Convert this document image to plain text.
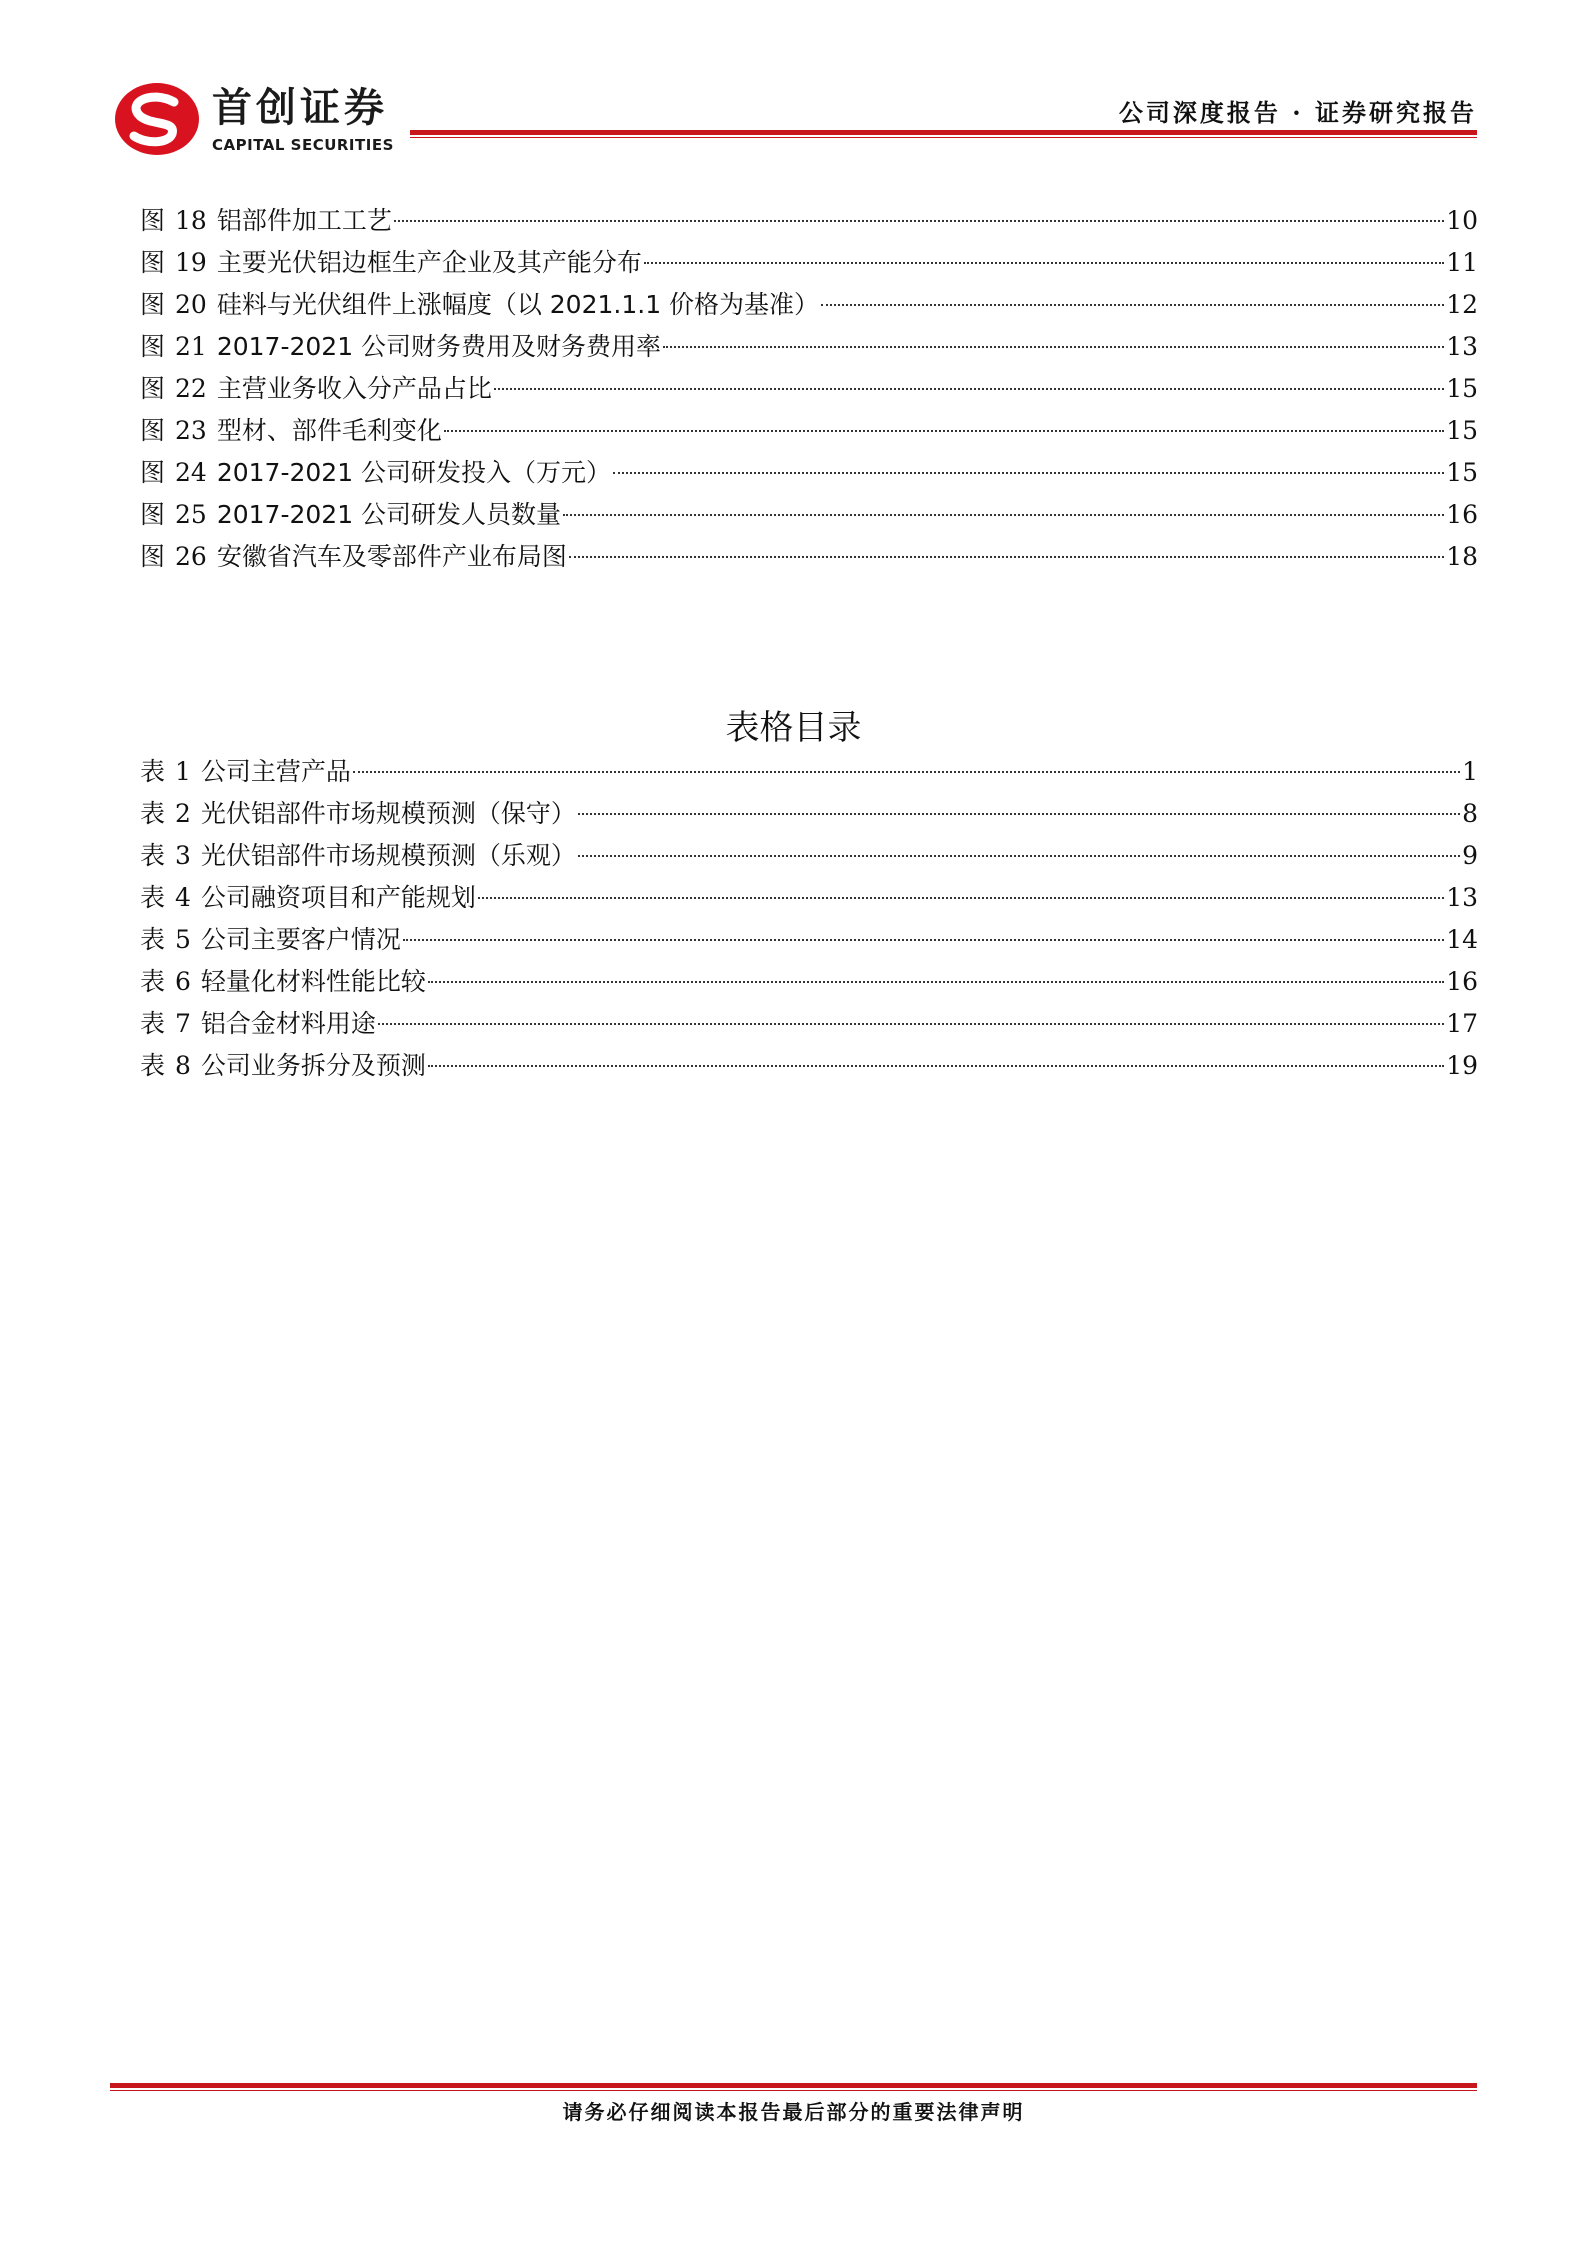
首创证券
CAPITAL SECURITIES
公司深度报告 · 证券研究报告
图 18 铝部件加工工艺	10
图 19 主要光伏铝边框生产企业及其产能分布	11
图 20 硅料与光伏组件上涨幅度（以 2021.1.1 价格为基准）	12
图 21 2017-2021 公司财务费用及财务费用率	13
图 22 主营业务收入分产品占比	15
图 23 型材、部件毛利变化	15
图 24 2017-2021 公司研发投入（万元）	15
图 25 2017-2021 公司研发人员数量	16
图 26 安徽省汽车及零部件产业布局图	18
表格目录
表 1 公司主营产品	1
表 2 光伏铝部件市场规模预测（保守）	8
表 3 光伏铝部件市场规模预测（乐观）	9
表 4 公司融资项目和产能规划	13
表 5 公司主要客户情况	14
表 6 轻量化材料性能比较	16
表 7 铝合金材料用途	17
表 8 公司业务拆分及预测	19
请务必仔细阅读本报告最后部分的重要法律声明
